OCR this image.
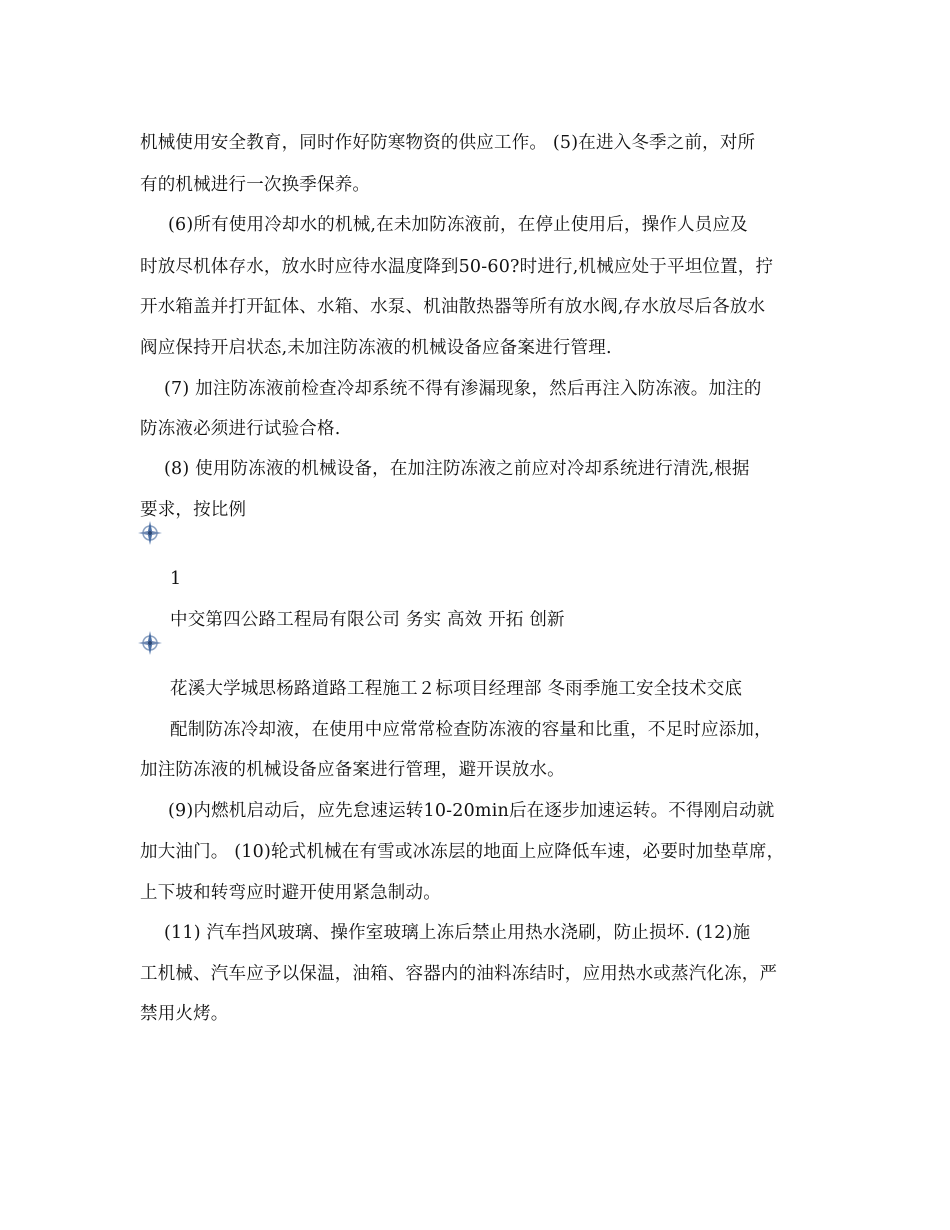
机械使用安全教育，同时作好防寒物资的供应工作。 (5)在进入冬季之前，对所
有的机械进行一次换季保养。
(6)所有使用冷却水的机械,在未加防冻液前，在停止使用后，操作人员应及
时放尽机体存水，放水时应待水温度降到50-60?时进行,机械应处于平坦位置，拧
开水箱盖并打开缸体、水箱、水泵、机油散热器等所有放水阀,存水放尽后各放水
阀应保持开启状态,未加注防冻液的机械设备应备案进行管理.
(7) 加注防冻液前检查冷却系统不得有渗漏现象，然后再注入防冻液。加注的
防冻液必须进行试验合格.
(8) 使用防冻液的机械设备，在加注防冻液之前应对冷却系统进行清洗,根据
要求，按比例
1
中交第四公路工程局有限公司 务实 高效 开拓 创新
花溪大学城思杨路道路工程施工２标项目经理部 冬雨季施工安全技术交底
配制防冻冷却液，在使用中应常常检查防冻液的容量和比重，不足时应添加，
加注防冻液的机械设备应备案进行管理，避开误放水。
(9)内燃机启动后，应先怠速运转10-20min后在逐步加速运转。不得刚启动就
加大油门。 (10)轮式机械在有雪或冰冻层的地面上应降低车速，必要时加垫草席，
上下坡和转弯应时避开使用紧急制动。
(11) 汽车挡风玻璃、操作室玻璃上冻后禁止用热水浇刷，防止损坏. (12)施
工机械、汽车应予以保温，油箱、容器内的油料冻结时，应用热水或蒸汽化冻，严
禁用火烤。
